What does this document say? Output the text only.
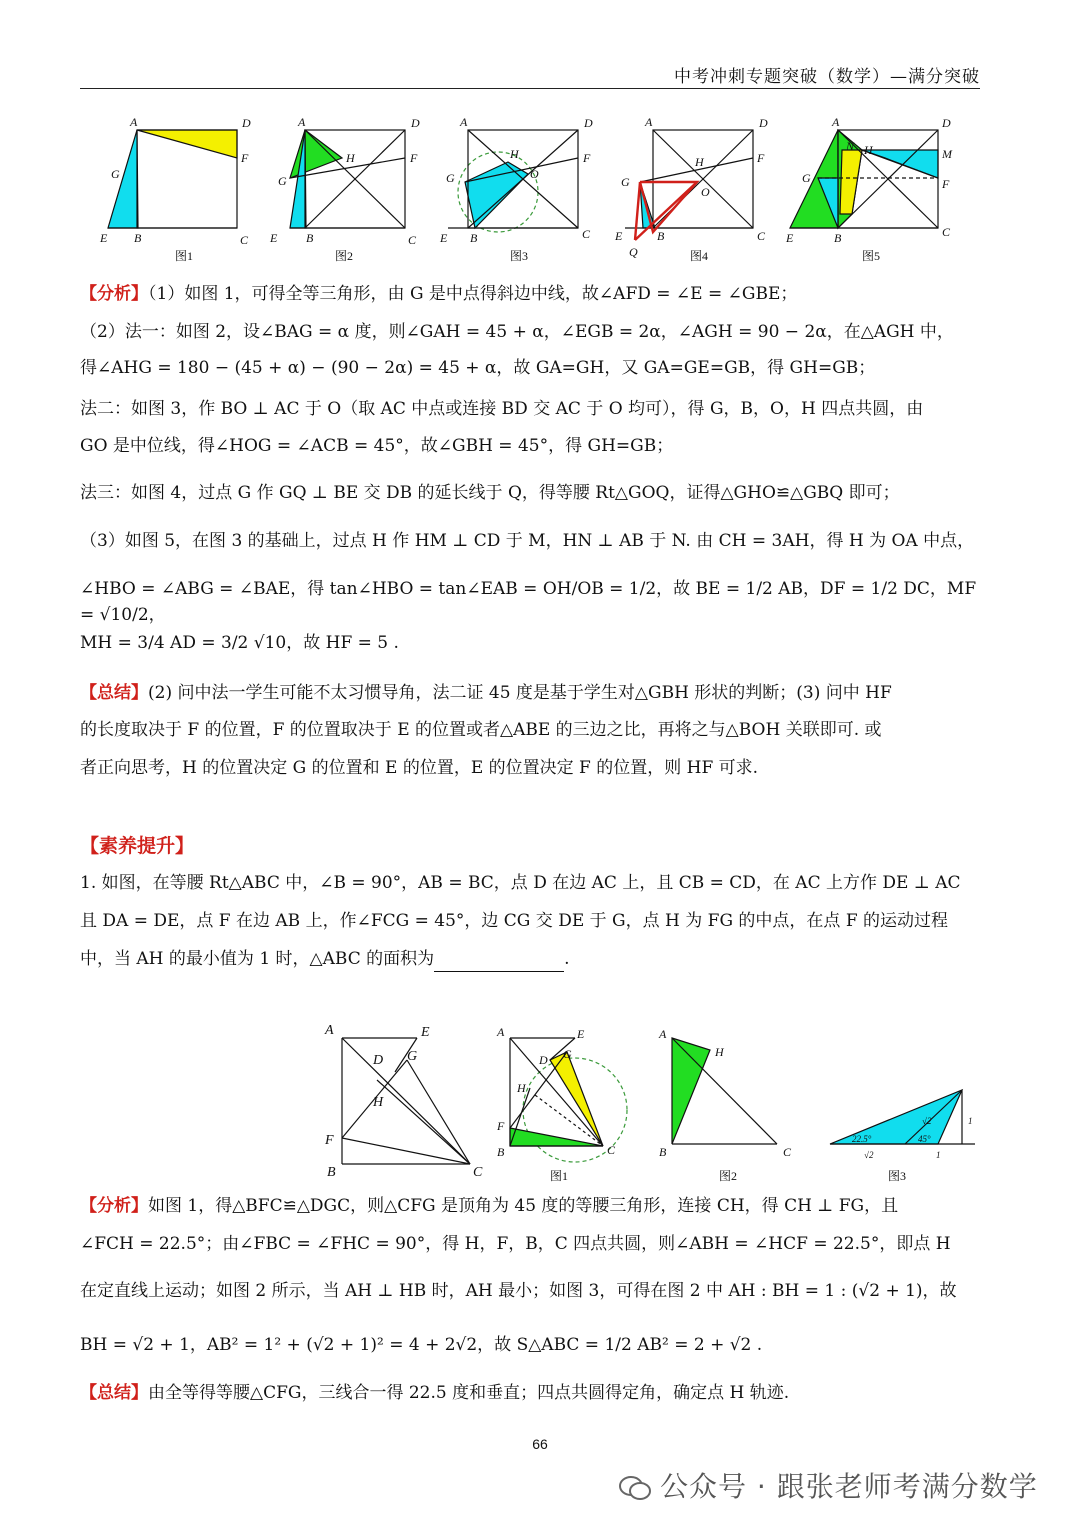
中考冲刺专题突破（数学）—满分突破
A	D
F
G
E B	C
图1
A	D
F
H
G
E B	C
图2
A	D
F
H
O
G
E B	C
图3
A	D
F
H
O
G
E	B
Q
C
图4
A	D
N H	M
F
G
E	B	C
图5
【分析】（1）如图 1，可得全等三角形，由 G 是中点得斜边中线，故∠AFD = ∠E = ∠GBE；
（2）法一：如图 2，设∠BAG = α 度，则∠GAH = 45 + α，∠EGB = 2α，∠AGH = 90 − 2α，在△AGH 中，
得∠AHG = 180 − (45 + α) − (90 − 2α) = 45 + α，故 GA=GH，又 GA=GE=GB，得 GH=GB；
法二：如图 3，作 BO ⊥ AC 于 O（取 AC 中点或连接 BD 交 AC 于 O 均可），得 G，B，O，H 四点共圆，由
GO 是中位线，得∠HOG = ∠ACB = 45°，故∠GBH = 45°，得 GH=GB；
法三：如图 4，过点 G 作 GQ ⊥ BE 交 DB 的延长线于 Q，得等腰 Rt△GOQ，证得△GHO≌△GBQ 即可；
（3）如图 5，在图 3 的基础上，过点 H 作 HM ⊥ CD 于 M，HN ⊥ AB 于 N. 由 CH = 3AH，得 H 为 OA 中点，
∠HBO = ∠ABG = ∠BAE，得 tan∠HBO = tan∠EAB = OH/OB = 1/2，故 BE = 1/2 AB，DF = 1/2 DC，MF = √10/2，
MH = 3/4 AD = 3/2 √10，故 HF = 5 .
【总结】(2) 问中法一学生可能不太习惯导角，法二证 45 度是基于学生对△GBH 形状的判断；(3) 问中 HF
的长度取决于 F 的位置，F 的位置取决于 E 的位置或者△ABE 的三边之比，再将之与△BOH 关联即可. 或
者正向思考，H 的位置决定 G 的位置和 E 的位置，E 的位置决定 F 的位置，则 HF 可求.
【素养提升】
1. 如图，在等腰 Rt△ABC 中，∠B = 90°，AB = BC，点 D 在边 AC 上，且 CB = CD，在 AC 上方作 DE ⊥ AC
且 DA = DE，点 F 在边 AB 上，作∠FCG = 45°，边 CG 交 DE 于 G，点 H 为 FG 的中点，在点 F 的运动过程
中，当 AH 的最小值为 1 时，△ABC 的面积为	.
A	E
D G
H
F
B	C
A	E
D G
H
F
B	C
图1
A
H
B	C
图2
22.5°	45°
√2
√2
1
1
图3
【分析】如图 1，得△BFC≌△DGC，则△CFG 是顶角为 45 度的等腰三角形，连接 CH，得 CH ⊥ FG，且
∠FCH = 22.5°；由∠FBC = ∠FHC = 90°，得 H，F，B，C 四点共圆，则∠ABH = ∠HCF = 22.5°，即点 H
在定直线上运动；如图 2 所示，当 AH ⊥ HB 时，AH 最小；如图 3，可得在图 2 中 AH : BH = 1 : (√2 + 1)，故
BH = √2 + 1，AB² = 1² + (√2 + 1)² = 4 + 2√2，故 S△ABC = 1/2 AB² = 2 + √2 .
【总结】由全等得等腰△CFG，三线合一得 22.5 度和垂直；四点共圆得定角，确定点 H 轨迹.
66
公众号 · 跟张老师考满分数学
